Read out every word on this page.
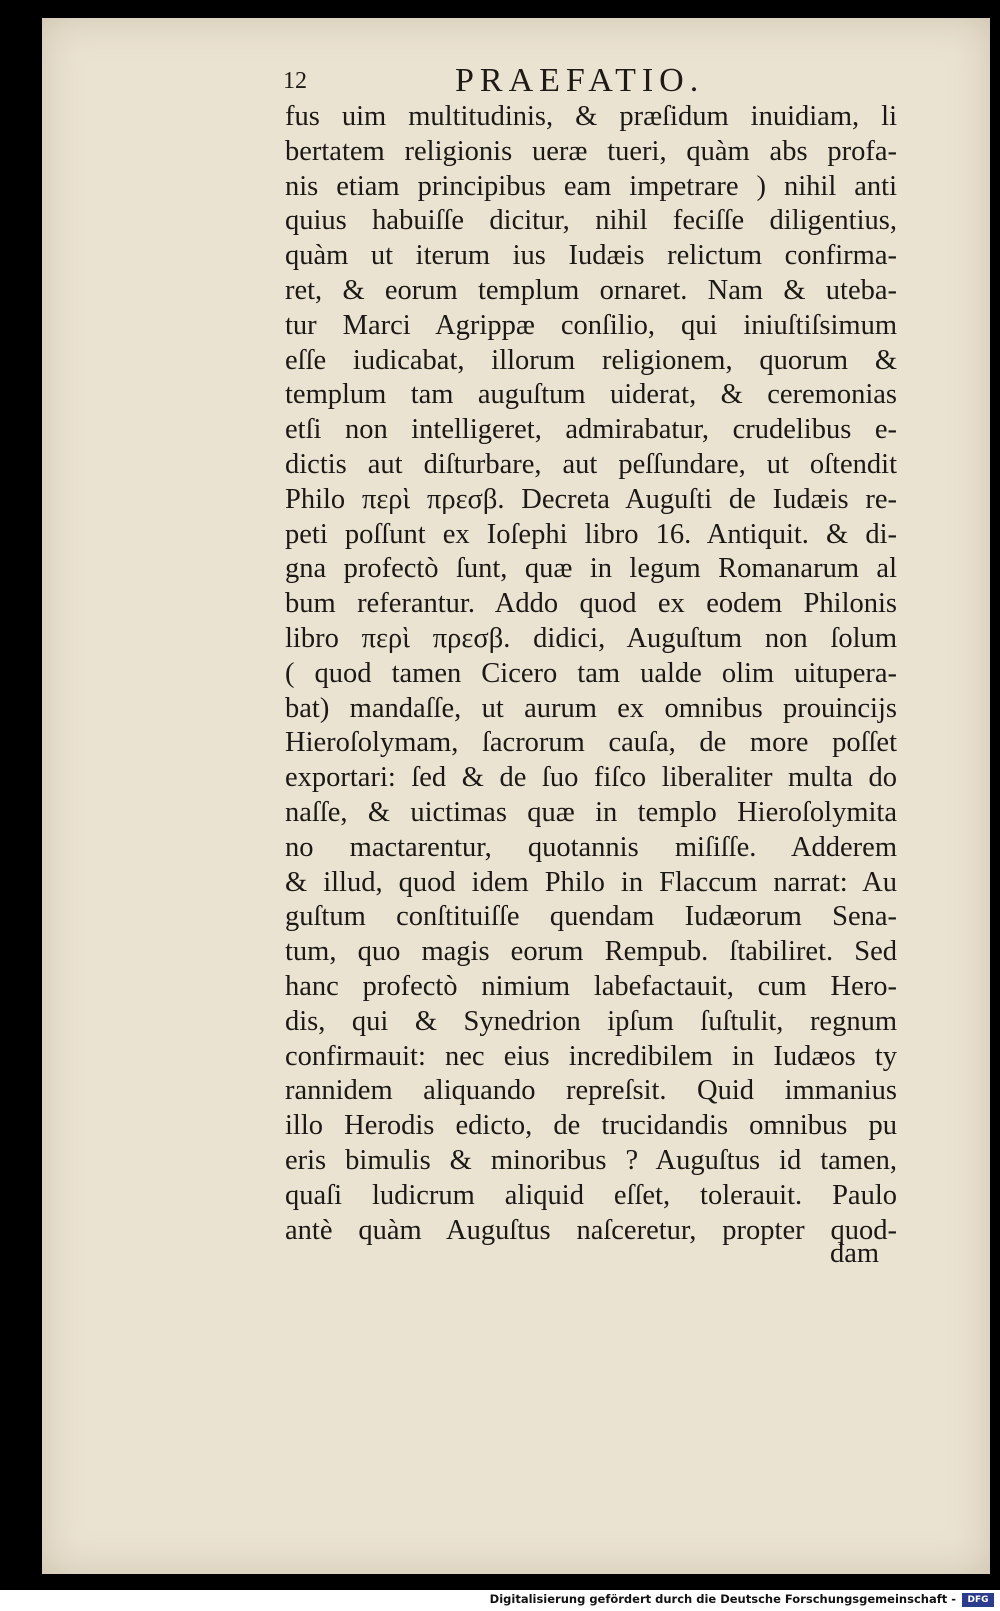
12	PRAEFATIO.
fus uim multitudinis, & præſidum inuidiam, li
bertatem religionis ueræ tueri, quàm abs profa-
nis etiam principibus eam impetrare ) nihil anti
quius habuiſſe dicitur, nihil feciſſe diligentius,
quàm ut iterum ius Iudæis relictum confirma-
ret, & eorum templum ornaret. Nam & uteba-
tur Marci Agrippæ conſilio, qui iniuſtiſsimum
eſſe iudicabat, illorum religionem, quorum &
templum tam auguſtum uiderat, & ceremonias
etſi non intelligeret, admirabatur, crudelibus e-
dictis aut diſturbare, aut peſſundare, ut oſtendit
Philo περὶ πρεσβ. Decreta Auguſti de Iudæis re-
peti poſſunt ex Ioſephi libro 16. Antiquit. & di-
gna profectò ſunt, quæ in legum Romanarum al
bum referantur. Addo quod ex eodem Philonis
libro περὶ πρεσβ. didici, Auguſtum non ſolum
( quod tamen Cicero tam ualde olim uitupera-
bat) mandaſſe, ut aurum ex omnibus prouincijs
Hieroſolymam, ſacrorum cauſa, de more poſſet
exportari: ſed & de ſuo fiſco liberaliter multa do
naſſe, & uictimas quæ in templo Hieroſolymita
no mactarentur, quotannis miſiſſe. Adderem
& illud, quod idem Philo in Flaccum narrat: Au
guſtum conſtituiſſe quendam Iudæorum Sena-
tum, quo magis eorum Rempub. ſtabiliret. Sed
hanc profectò nimium labefactauit, cum Hero-
dis, qui & Synedrion ipſum ſuſtulit, regnum
confirmauit: nec eius incredibilem in Iudæos ty
rannidem aliquando repreſsit. Quid immanius
illo Herodis edicto, de trucidandis omnibus pu
eris bimulis & minoribus ? Auguſtus id tamen,
quaſi ludicrum aliquid eſſet, tolerauit. Paulo
antè quàm Auguſtus naſceretur, propter quod-
dam
Digitalisierung gefördert durch die Deutsche Forschungsgemeinschaft -	DFG
